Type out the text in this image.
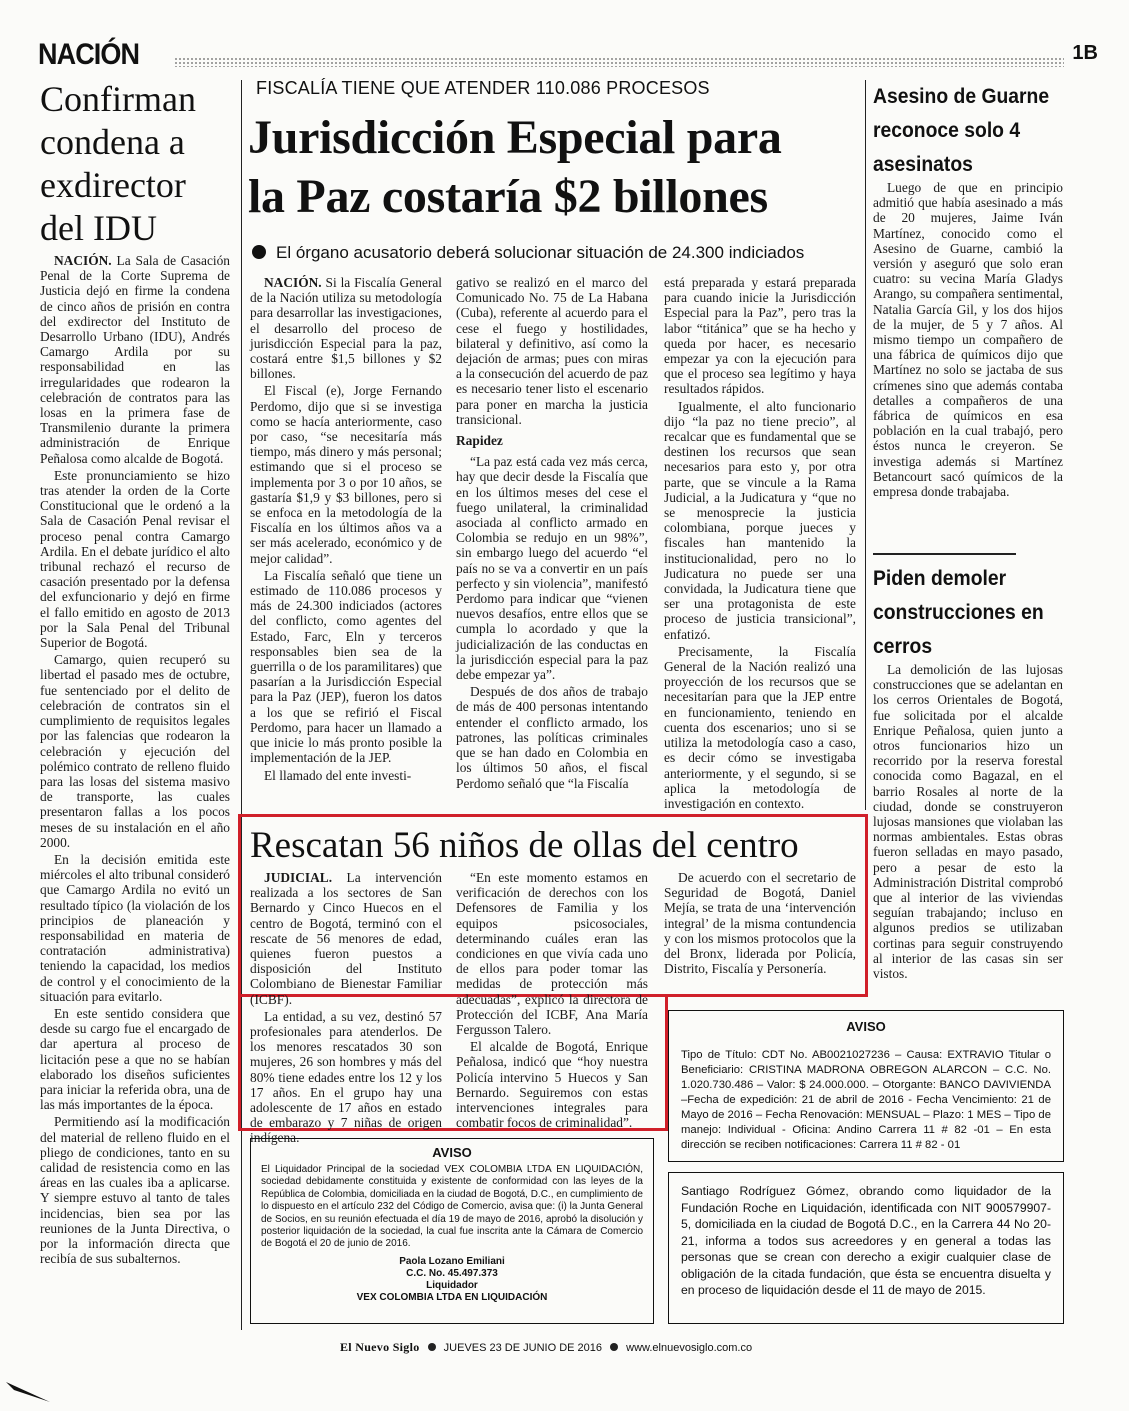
NACIÓN	1B
Confirman condena a exdirector del IDU

NACIÓN. La Sala de Casación Penal de la Corte Suprema de Justicia dejó en firme la condena de cinco años de prisión en contra del exdirector del Instituto de Desarrollo Urbano (IDU), Andrés Camargo Ardila por su responsabilidad en las irregularidades que rodearon la celebración de contratos para las losas en la primera fase de Transmilenio durante la primera administración de Enrique Peñalosa como alcalde de Bogotá.

Este pronunciamiento se hizo tras atender la orden de la Corte Constitucional que le ordenó a la Sala de Casación Penal revisar el proceso penal contra Camargo Ardila. En el debate jurídico el alto tribunal rechazó el recurso de casación presentado por la defensa del exfuncionario y dejó en firme el fallo emitido en agosto de 2013 por la Sala Penal del Tribunal Superior de Bogotá.

Camargo, quien recuperó su libertad el pasado mes de octubre, fue sentenciado por el delito de celebración de contratos sin el cumplimiento de requisitos legales por las falencias que rodearon la celebración y ejecución del polémico contrato de relleno fluido para las losas del sistema masivo de transporte, las cuales presentaron fallas a los pocos meses de su instalación en el año 2000.

En la decisión emitida este miércoles el alto tribunal consideró que Camargo Ardila no evitó un resultado típico (la violación de los principios de planeación y responsabilidad en materia de contratación administrativa) teniendo la capacidad, los medios de control y el conocimiento de la situación para evitarlo.

En este sentido considera que desde su cargo fue el encargado de dar apertura al proceso de licitación pese a que no se habían elaborado los diseños suficientes para iniciar la referida obra, una de las más importantes de la época.

Permitiendo así la modificación del material de relleno fluido en el pliego de condiciones, tanto en su calidad de resistencia como en las áreas en las cuales iba a aplicarse. Y siempre estuvo al tanto de tales incidencias, bien sea por las reuniones de la Junta Directiva, o por la información directa que recibía de sus subalternos.

FISCALÍA TIENE QUE ATENDER 110.086 PROCESOS
Jurisdicción Especial para
la Paz costaría $2 billones
El órgano acusatorio deberá solucionar situación de 24.300 indiciados

NACIÓN. Si la Fiscalía General de la Nación utiliza su metodología para desarrollar las investigaciones, el desarrollo del proceso de jurisdicción Especial para la paz, costará entre $1,5 billones y $2 billones.

El Fiscal (e), Jorge Fernando Perdomo, dijo que si se investiga como se hacía anteriormente, caso por caso, “se necesitaría más tiempo, más dinero y más personal; estimando que si el proceso se implementa por 3 o por 10 años, se gastaría $1,9 y $3 billones, pero si se enfoca en la metodología de la Fiscalía en los últimos años va a ser más acelerado, económico y de mejor calidad”.

La Fiscalía señaló que tiene un estimado de 110.086 procesos y más de 24.300 indiciados (actores del conflicto, como agentes del Estado, Farc, Eln y terceros responsables bien sea de la guerrilla o de los paramilitares) que pasarían a la Jurisdicción Especial para la Paz (JEP), fueron los datos a los que se refirió el Fiscal Perdomo, para hacer un llamado a que inicie lo más pronto posible la implementación de la JEP.

El llamado del ente investi-

gativo se realizó en el marco del Comunicado No. 75 de La Habana (Cuba), referente al acuerdo para el cese el fuego y hostilidades, bilateral y definitivo, así como la dejación de armas; pues con miras a la consecución del acuerdo de paz es necesario tener listo el escenario para poner en marcha la justicia transicional.

Rapidez

“La paz está cada vez más cerca, hay que decir desde la Fiscalía que en los últimos meses del cese el fuego unilateral, la criminalidad asociada al conflicto armado en Colombia se redujo en un 98%”, sin embargo luego del acuerdo “el país no se va a convertir en un país perfecto y sin violencia”, manifestó Perdomo para indicar que “vienen nuevos desafíos, entre ellos que se cumpla lo acordado y que la judicialización de las conductas en la jurisdicción especial para la paz debe empezar ya”.

Después de dos años de trabajo de más de 400 personas intentando entender el conflicto armado, los patrones, las políticas criminales que se han dado en Colombia en los últimos 50 años, el fiscal Perdomo señaló que “la Fiscalía

está preparada y estará preparada para cuando inicie la Jurisdicción Especial para la Paz”, pero tras la labor “titánica” que se ha hecho y queda por hacer, es necesario empezar ya con la ejecución para que el proceso sea legítimo y haya resultados rápidos.

Igualmente, el alto funcionario dijo “la paz no tiene precio”, al recalcar que es fundamental que se destinen los recursos que sean necesarios para esto y, por otra parte, que se vincule a la Rama Judicial, a la Judicatura y “que no se menosprecie la justicia colombiana, porque jueces y fiscales han mantenido la institucionalidad, pero no lo Judicatura no puede ser una convidada, la Judicatura tiene que ser una protagonista de este proceso de justicia transicional”, enfatizó.

Precisamente, la Fiscalía General de la Nación realizó una proyección de los recursos que se necesitarían para que la JEP entre en funcionamiento, teniendo en cuenta dos escenarios; uno si se utiliza la metodología caso a caso, es decir cómo se investigaba anteriormente, y el segundo, si se aplica la metodología de investigación en contexto.

Asesino de Guarne reconoce solo 4 asesinatos

Luego de que en principio admitió que había asesinado a más de 20 mujeres, Jaime Iván Martínez, conocido como el Asesino de Guarne, cambió la versión y aseguró que solo eran cuatro: su vecina María Gladys Arango, su compañera sentimental, Natalia García Gil, y los dos hijos de la mujer, de 5 y 7 años. Al mismo tiempo un compañero de una fábrica de químicos dijo que Martínez no solo se jactaba de sus crímenes sino que además contaba detalles a compañeros de una fábrica de químicos en esa población en la cual trabajó, pero éstos nunca le creyeron. Se investiga además si Martínez Betancourt sacó químicos de la empresa donde trabajaba.

Piden demoler construcciones en cerros

La demolición de las lujosas construcciones que se adelantan en los cerros Orientales de Bogotá, fue solicitada por el alcalde Enrique Peñalosa, quien junto a otros funcionarios hizo un recorrido por la reserva forestal conocida como Bagazal, en el barrio Rosales al norte de la ciudad, donde se construyeron lujosas mansiones que violaban las normas ambientales. Estas obras fueron selladas en mayo pasado, pero a pesar de esto la Administración Distrital comprobó que al interior de las viviendas seguían trabajando; incluso en algunos predios se utilizaban cortinas para seguir construyendo al interior de las casas sin ser vistos.

Rescatan 56 niños de ollas del centro

JUDICIAL. La intervención realizada a los sectores de San Bernardo y Cinco Huecos en el centro de Bogotá, terminó con el rescate de 56 menores de edad, quienes fueron puestos a disposición del Instituto Colombiano de Bienestar Familiar (ICBF).

La entidad, a su vez, destinó 57 profesionales para atenderlos. De los menores rescatados 30 son mujeres, 26 son hombres y más del 80% tiene edades entre los 12 y los 17 años. En el grupo hay una adolescente de 17 años en estado de embarazo y 7 niñas de origen indígena.

“En este momento estamos en verificación de derechos con los Defensores de Familia y los equipos psicosociales, determinando cuáles eran las condiciones en que vivía cada uno de ellos para poder tomar las medidas de protección más adecuadas”, explicó la directora de Protección del ICBF, Ana María Fergusson Talero.

El alcalde de Bogotá, Enrique Peñalosa, indicó que “hoy nuestra Policía intervino 5 Huecos y San Bernardo. Seguiremos con estas intervenciones integrales para combatir focos de criminalidad”.

De acuerdo con el secretario de Seguridad de Bogotá, Daniel Mejía, se trata de una ‘intervención integral’ de la misma contundencia y con los mismos protocolos que la del Bronx, liderada por Policía, Distrito, Fiscalía y Personería.

AVISO
Tipo de Título: CDT No. AB0021027236 – Causa: EXTRAVIO Titular o Beneficiario: CRISTINA MADRONA OBREGON ALARCON – C.C. No. 1.020.730.486 – Valor: $ 24.000.000. – Otorgante: BANCO DAVIVIENDA –Fecha de expedición: 21 de abril de 2016 - Fecha Vencimiento: 21 de Mayo de 2016 – Fecha Renovación: MENSUAL – Plazo: 1 MES – Tipo de manejo: Individual - Oficina: Andino Carrera 11 # 82 -01 – En esta dirección se reciben notificaciones: Carrera 11 # 82 - 01
AVISO
El Liquidador Principal de la sociedad VEX COLOMBIA LTDA EN LIQUIDACIÓN, sociedad debidamente constituida y existente de conformidad con las leyes de la República de Colombia, domiciliada en la ciudad de Bogotá, D.C., en cumplimiento de lo dispuesto en el artículo 232 del Código de Comercio, avisa que: (i) la Junta General de Socios, en su reunión efectuada el día 19 de mayo de 2016, aprobó la disolución y posterior liquidación de la sociedad, la cual fue inscrita ante la Cámara de Comercio de Bogotá el 20 de junio de 2016.
Paola Lozano Emiliani
C.C. No. 45.497.373
Liquidador
VEX COLOMBIA LTDA EN LIQUIDACIÓN
Santiago Rodríguez Gómez, obrando como liquidador de la Fundación Roche en Liquidación, identificada con NIT 900579907-5, domiciliada en la ciudad de Bogotá D.C., en la Carrera 44 No 20- 21, informa a todos sus acreedores y en general a todas las personas que se crean con derecho a exigir cualquier clase de obligación de la citada fundación, que ésta se encuentra disuelta y en proceso de liquidación desde el 11 de mayo de 2015.
El Nuevo Siglo JUEVES 23 DE JUNIO DE 2016 www.elnuevosiglo.com.co
